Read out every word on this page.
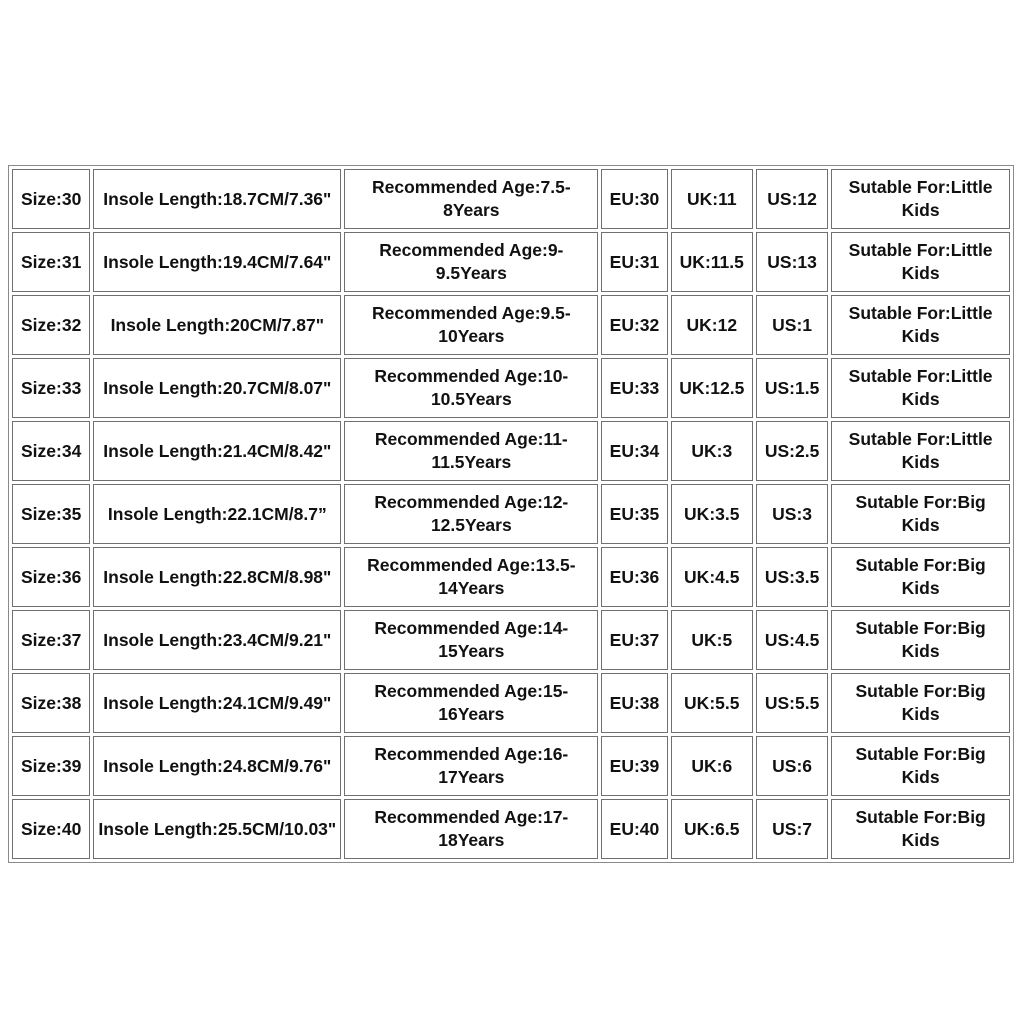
Size:30	Insole Length:18.7CM/7.36"	Recommended Age:7.5-8Years	EU:30	UK:11	US:12	Sutable For:Little Kids
Size:31	Insole Length:19.4CM/7.64"	Recommended Age:9-9.5Years	EU:31	UK:11.5	US:13	Sutable For:Little Kids
Size:32	Insole Length:20CM/7.87"	Recommended Age:9.5-10Years	EU:32	UK:12	US:1	Sutable For:Little Kids
Size:33	Insole Length:20.7CM/8.07"	Recommended Age:10-10.5Years	EU:33	UK:12.5	US:1.5	Sutable For:Little Kids
Size:34	Insole Length:21.4CM/8.42"	Recommended Age:11-11.5Years	EU:34	UK:3	US:2.5	Sutable For:Little Kids
Size:35	Insole Length:22.1CM/8.7”	Recommended Age:12-12.5Years	EU:35	UK:3.5	US:3	Sutable For:Big Kids
Size:36	Insole Length:22.8CM/8.98"	Recommended Age:13.5-14Years	EU:36	UK:4.5	US:3.5	Sutable For:Big Kids
Size:37	Insole Length:23.4CM/9.21"	Recommended Age:14-15Years	EU:37	UK:5	US:4.5	Sutable For:Big Kids
Size:38	Insole Length:24.1CM/9.49"	Recommended Age:15-16Years	EU:38	UK:5.5	US:5.5	Sutable For:Big Kids
Size:39	Insole Length:24.8CM/9.76"	Recommended Age:16-17Years	EU:39	UK:6	US:6	Sutable For:Big Kids
Size:40	Insole Length:25.5CM/10.03"	Recommended Age:17-18Years	EU:40	UK:6.5	US:7	Sutable For:Big Kids
